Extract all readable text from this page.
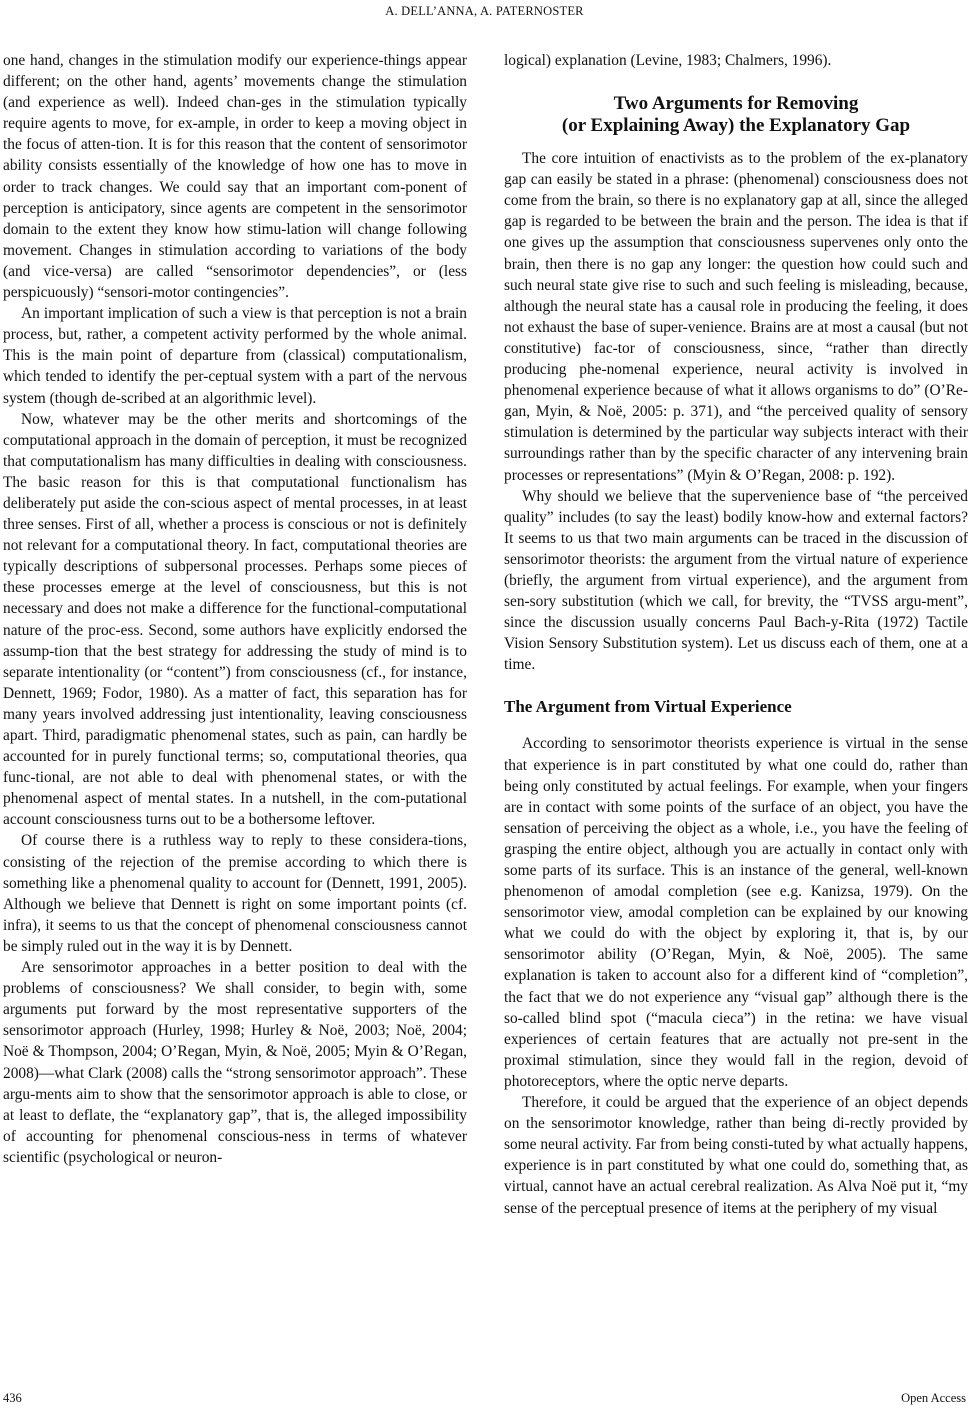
A. DELL’ANNA, A. PATERNOSTER

one hand, changes in the stimulation modify our experience-things appear different; on the other hand, agents’ movements change the stimulation (and experience as well). Indeed chan-ges in the stimulation typically require agents to move, for ex-ample, in order to keep a moving object in the focus of atten-tion. It is for this reason that the content of sensorimotor ability consists essentially of the knowledge of how one has to move in order to track changes. We could say that an important com-ponent of perception is anticipatory, since agents are competent in the sensorimotor domain to the extent they know how stimu-lation will change following movement. Changes in stimulation according to variations of the body (and vice-versa) are called “sensorimotor dependencies”, or (less perspicuously) “sensori-motor contingencies”.

An important implication of such a view is that perception is not a brain process, but, rather, a competent activity performed by the whole animal. This is the main point of departure from (classical) computationalism, which tended to identify the per-ceptual system with a part of the nervous system (though de-scribed at an algorithmic level).

Now, whatever may be the other merits and shortcomings of the computational approach in the domain of perception, it must be recognized that computationalism has many difficulties in dealing with consciousness. The basic reason for this is that computational functionalism has deliberately put aside the con-scious aspect of mental processes, in at least three senses. First of all, whether a process is conscious or not is definitely not relevant for a computational theory. In fact, computational theories are typically descriptions of subpersonal processes. Perhaps some pieces of these processes emerge at the level of consciousness, but this is not necessary and does not make a difference for the functional-computational nature of the proc-ess. Second, some authors have explicitly endorsed the assump-tion that the best strategy for addressing the study of mind is to separate intentionality (or “content”) from consciousness (cf., for instance, Dennett, 1969; Fodor, 1980). As a matter of fact, this separation has for many years involved addressing just intentionality, leaving consciousness apart. Third, paradigmatic phenomenal states, such as pain, can hardly be accounted for in purely functional terms; so, computational theories, qua func-tional, are not able to deal with phenomenal states, or with the phenomenal aspect of mental states. In a nutshell, in the com-putational account consciousness turns out to be a bothersome leftover.

Of course there is a ruthless way to reply to these considera-tions, consisting of the rejection of the premise according to which there is something like a phenomenal quality to account for (Dennett, 1991, 2005). Although we believe that Dennett is right on some important points (cf. infra), it seems to us that the concept of phenomenal consciousness cannot be simply ruled out in the way it is by Dennett.

Are sensorimotor approaches in a better position to deal with the problems of consciousness? We shall consider, to begin with, some arguments put forward by the most representative supporters of the sensorimotor approach (Hurley, 1998; Hurley & Noë, 2003; Noë, 2004; Noë & Thompson, 2004; O’Regan, Myin, & Noë, 2005; Myin & O’Regan, 2008)—what Clark (2008) calls the “strong sensorimotor approach”. These argu-ments aim to show that the sensorimotor approach is able to close, or at least to deflate, the “explanatory gap”, that is, the alleged impossibility of accounting for phenomenal conscious-ness in terms of whatever scientific (psychological or neuron-

logical) explanation (Levine, 1983; Chalmers, 1996).

Two Arguments for Removing
(or Explaining Away) the Explanatory Gap

The core intuition of enactivists as to the problem of the ex-planatory gap can easily be stated in a phrase: (phenomenal) consciousness does not come from the brain, so there is no explanatory gap at all, since the alleged gap is regarded to be between the brain and the person. The idea is that if one gives up the assumption that consciousness supervenes only onto the brain, then there is no gap any longer: the question how could such and such neural state give rise to such and such feeling is misleading, because, although the neural state has a causal role in producing the feeling, it does not exhaust the base of super-venience. Brains are at most a causal (but not constitutive) fac-tor of consciousness, since, “rather than directly producing phe-nomenal experience, neural activity is involved in phenomenal experience because of what it allows organisms to do” (O’Re-gan, Myin, & Noë, 2005: p. 371), and “the perceived quality of sensory stimulation is determined by the particular way subjects interact with their surroundings rather than by the specific character of any intervening brain processes or representations” (Myin & O’Regan, 2008: p. 192).

Why should we believe that the supervenience base of “the perceived quality” includes (to say the least) bodily know-how and external factors? It seems to us that two main arguments can be traced in the discussion of sensorimotor theorists: the argument from the virtual nature of experience (briefly, the argument from virtual experience), and the argument from sen-sory substitution (which we call, for brevity, the “TVSS argu-ment”, since the discussion usually concerns Paul Bach-y-Rita (1972) Tactile Vision Sensory Substitution system). Let us discuss each of them, one at a time.

The Argument from Virtual Experience

According to sensorimotor theorists experience is virtual in the sense that experience is in part constituted by what one could do, rather than being only constituted by actual feelings. For example, when your fingers are in contact with some points of the surface of an object, you have the sensation of perceiving the object as a whole, i.e., you have the feeling of grasping the entire object, although you are actually in contact only with some parts of its surface. This is an instance of the general, well-known phenomenon of amodal completion (see e.g. Kanizsa, 1979). On the sensorimotor view, amodal completion can be explained by our knowing what we could do with the object by exploring it, that is, by our sensorimotor ability (O’Regan, Myin, & Noë, 2005). The same explanation is taken to account also for a different kind of “completion”, the fact that we do not experience any “visual gap” although there is the so-called blind spot (“macula cieca”) in the retina: we have visual experiences of certain features that are actually not pre-sent in the proximal stimulation, since they would fall in the region, devoid of photoreceptors, where the optic nerve departs.

Therefore, it could be argued that the experience of an object depends on the sensorimotor knowledge, rather than being di-rectly provided by some neural activity. Far from being consti-tuted by what actually happens, experience is in part constituted by what one could do, something that, as virtual, cannot have an actual cerebral realization. As Alva Noë put it, “my sense of the perceptual presence of items at the periphery of my visual

436	Open Access
